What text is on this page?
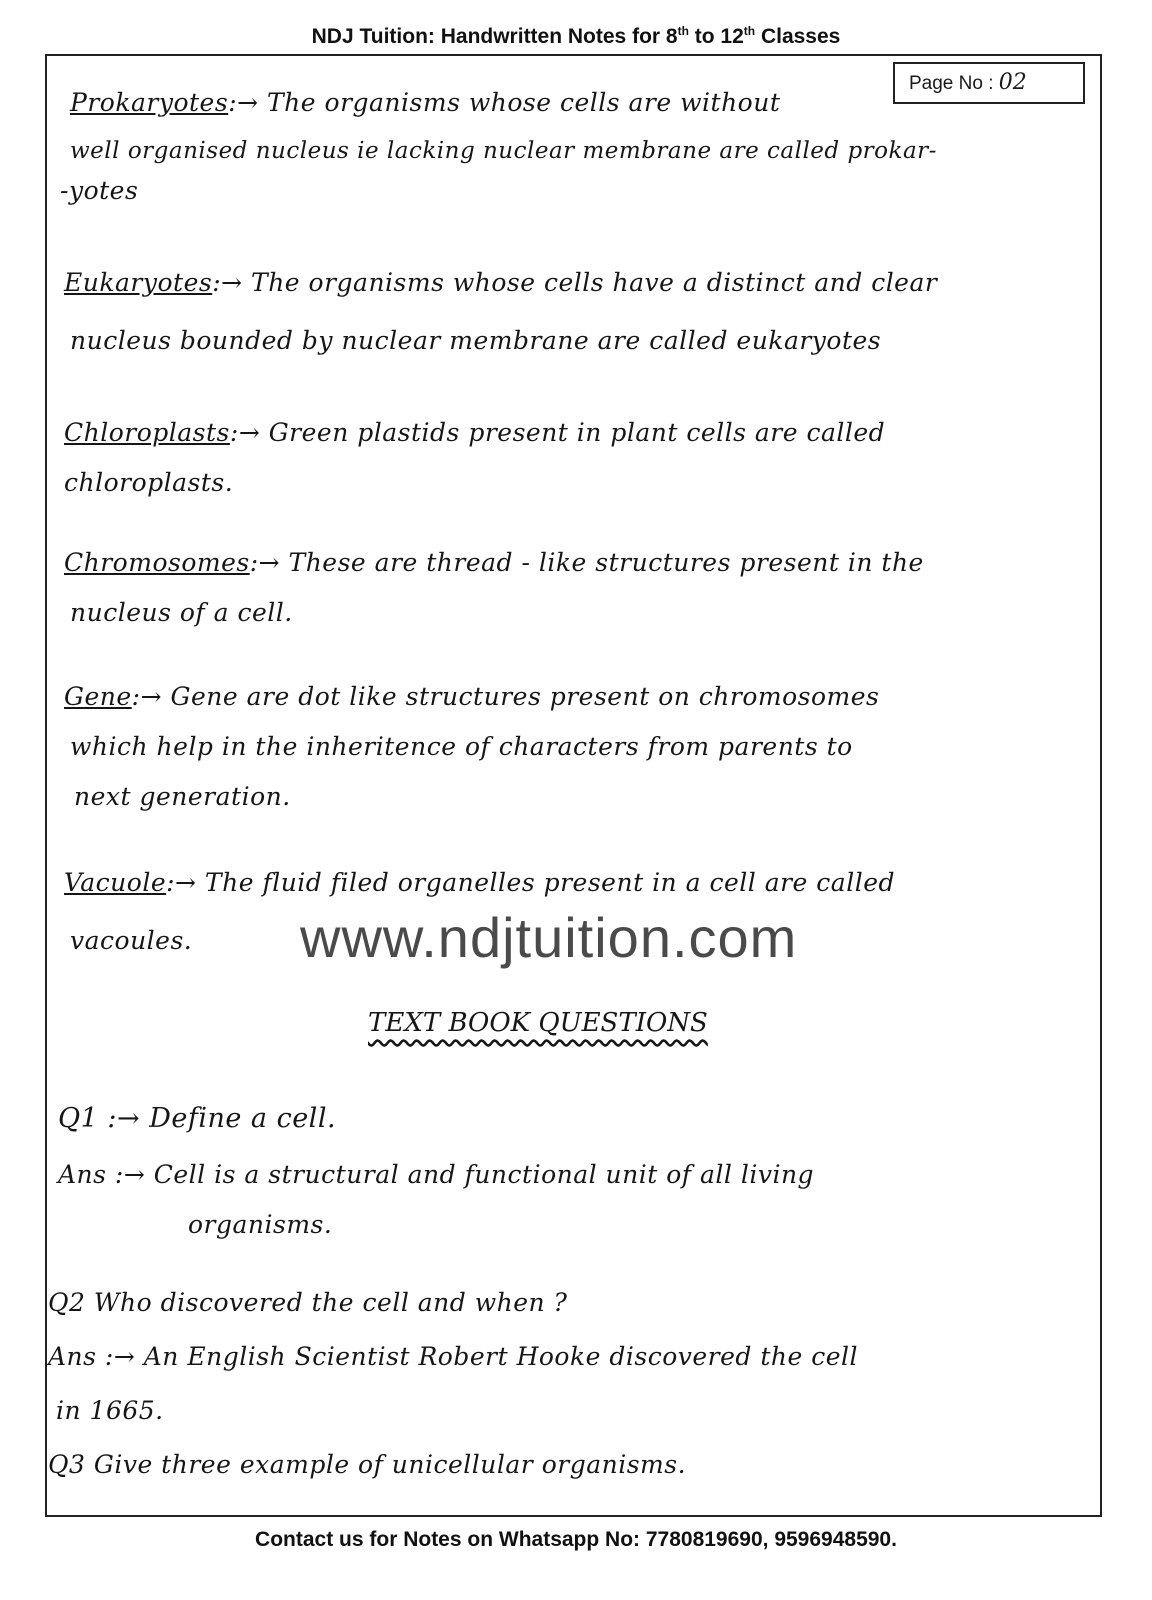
NDJ Tuition: Handwritten Notes for 8th to 12th Classes
Page No : 02
Prokaryotes:→ The organisms whose cells are without
well organised nucleus ie lacking nuclear membrane are called prokar-
-yotes
Eukaryotes:→ The organisms whose cells have a distinct and clear
nucleus bounded by nuclear membrane are called eukaryotes
Chloroplasts:→ Green plastids present in plant cells are called
chloroplasts.
Chromosomes:→ These are thread - like structures present in the
nucleus of a cell.
Gene:→ Gene are dot like structures present on chromosomes
which help in the inheritence of characters from parents to
next generation.
Vacuole:→ The fluid filed organelles present in a cell are called
vacoules. www.ndjtuition.com
TEXT BOOK QUESTIONS
Q1 :→ Define a cell.
Ans :→ Cell is a structural and functional unit of all living
organisms.
Q2 Who discovered the cell and when ?
Ans :→ An English Scientist Robert Hooke discovered the cell
in 1665.
Q3 Give three example of unicellular organisms.
Contact us for Notes on Whatsapp No: 7780819690, 9596948590.
